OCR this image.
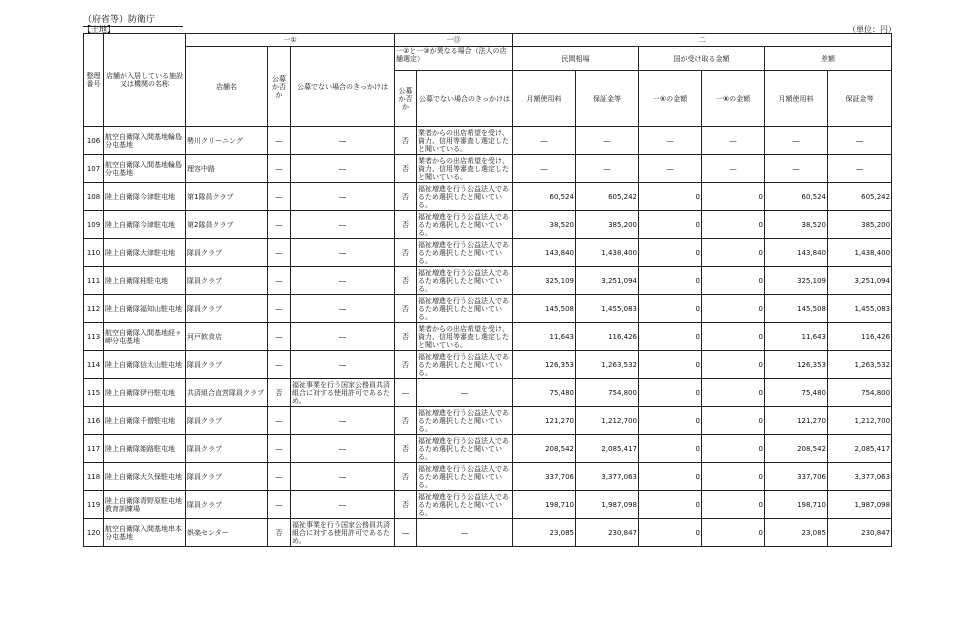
（府省等）防衛庁
【土地】	（単位：円）
整理番号	店舗が入居している施設又は機関の名称	一①			一⑬		二					
		店舗名	公募か否か	公募でない場合のきっかけは	一②と一③が異なる場合（法人の店舗選定）		民間相場		国が受け取る金額		差額	
					公募か否か	公募でない場合のきっかけは	月額使用料	保証金等	一⑥の金額	一⑧の金額	月額使用料	保証金等
106	航空自衛隊入間基地輪島分屯基地	勢川クリーニング	―	―	否	業者からの出店希望を受け、資力、信用等審査し選定したと聞いている。	―	―	―	―	―	―
107	航空自衛隊入間基地輪島分屯基地	理容中路	―	―	否	業者からの出店希望を受け、資力、信用等審査し選定したと聞いている。	―	―	―	―	―	―
108	陸上自衛隊今津駐屯地	第1隊員クラブ	―	―	否	福祉増進を行う公益法人であるため選択したと聞いている。	60,524	605,242	0	0	60,524	605,242
109	陸上自衛隊今津駐屯地	第2隊員クラブ	―	―	否	福祉増進を行う公益法人であるため選択したと聞いている。	38,520	385,200	0	0	38,520	385,200
110	陸上自衛隊大津駐屯地	隊員クラブ	―	―	否	福祉増進を行う公益法人であるため選択したと聞いている。	143,840	1,438,400	0	0	143,840	1,438,400
111	陸上自衛隊桂駐屯地	隊員クラブ	―	―	否	福祉増進を行う公益法人であるため選択したと聞いている。	325,109	3,251,094	0	0	325,109	3,251,094
112	陸上自衛隊福知山駐屯地	隊員クラブ	―	―	否	福祉増進を行う公益法人であるため選択したと聞いている。	145,508	1,455,083	0	0	145,508	1,455,083
113	航空自衛隊入間基地経ヶ岬分屯基地	河戸飲食店	―	―	否	業者からの出店希望を受け、資力、信用等審査し選定したと聞いている。	11,643	116,426	0	0	11,643	116,426
114	陸上自衛隊信太山駐屯地	隊員クラブ	―	―	否	福祉増進を行う公益法人であるため選択したと聞いている。	126,353	1,263,532	0	0	126,353	1,263,532
115	陸上自衛隊伊丹駐屯地	共済組合直営隊員クラブ	否	福祉事業を行う国家公務員共済組合に対する使用許可であるため。	―	―	75,480	754,800	0	0	75,480	754,800
116	陸上自衛隊千僧駐屯地	隊員クラブ	―	―	否	福祉増進を行う公益法人であるため選択したと聞いている。	121,270	1,212,700	0	0	121,270	1,212,700
117	陸上自衛隊姫路駐屯地	隊員クラブ	―	―	否	福祉増進を行う公益法人であるため選択したと聞いている。	208,542	2,085,417	0	0	208,542	2,085,417
118	陸上自衛隊大久保駐屯地	隊員クラブ	―	―	否	福祉増進を行う公益法人であるため選択したと聞いている。	337,706	3,377,063	0	0	337,706	3,377,063
119	陸上自衛隊青野原駐屯地教育訓練場	隊員クラブ	―	―	否	福祉増進を行う公益法人であるため選択したと聞いている。	198,710	1,987,098	0	0	198,710	1,987,098
120	航空自衛隊入間基地串本分屯基地	娯楽センター	否	福祉事業を行う国家公務員共済組合に対する使用許可であるため。	―	―	23,085	230,847	0	0	23,085	230,847
